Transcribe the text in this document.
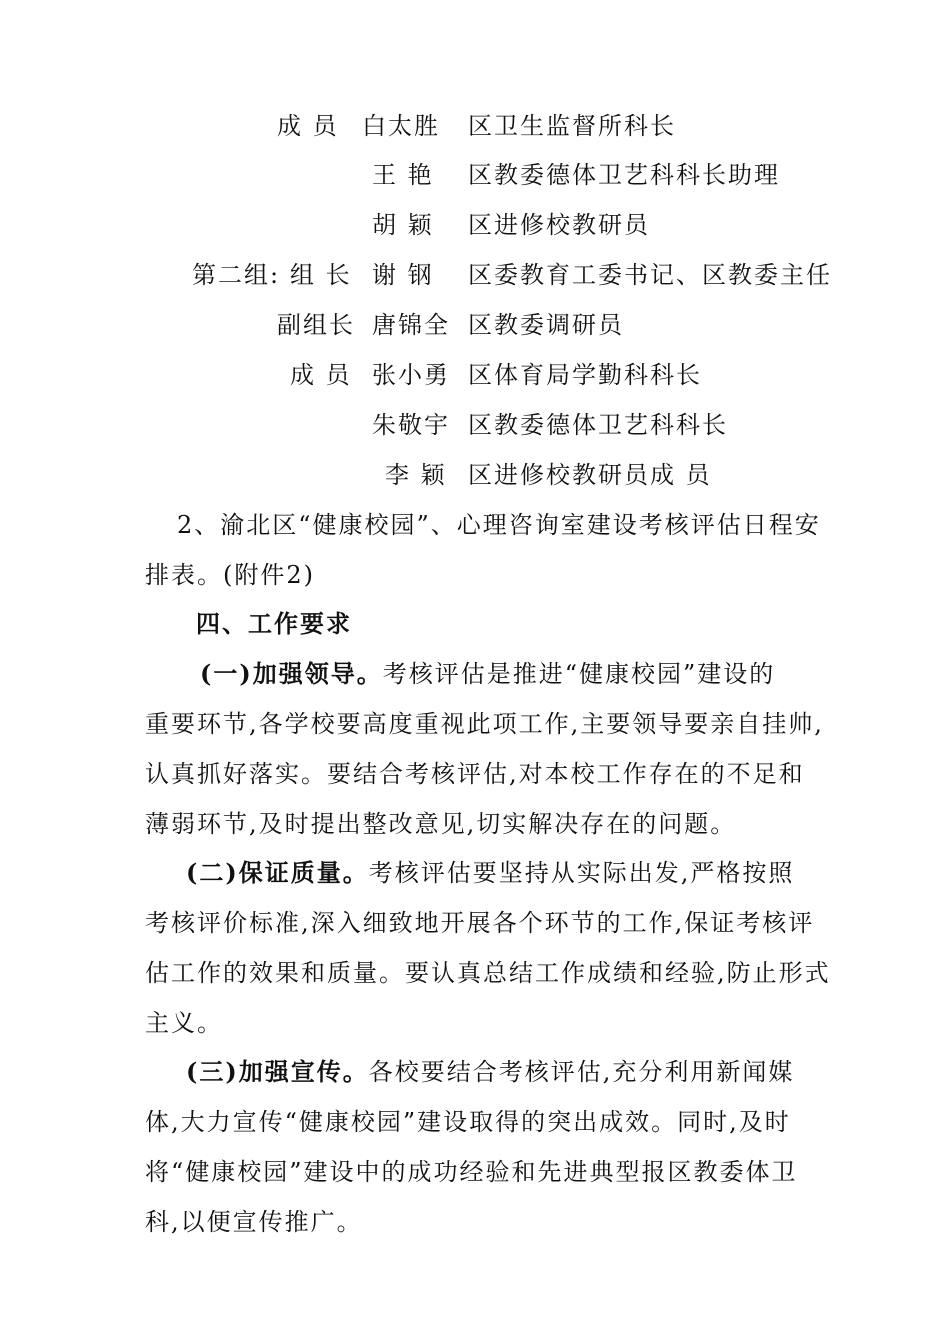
成 员 白太胜 区卫生监督所科长
王 艳 区教委德体卫艺科科长助理
胡 颖 区进修校教研员
第二组: 组 长 谢 钢 区委教育工委书记、区教委主任
副组长 唐锦全 区教委调研员
成 员 张小勇 区体育局学勤科科长
朱敬宇 区教委德体卫艺科科长
李 颖 区进修校教研员成 员
2、渝北区“健康校园”、心理咨询室建设考核评估日程安
排表。(附件2)
四、工作要求
(一)加强领导。考核评估是推进“健康校园”建设的
重要环节,各学校要高度重视此项工作,主要领导要亲自挂帅,
认真抓好落实。要结合考核评估,对本校工作存在的不足和
薄弱环节,及时提出整改意见,切实解决存在的问题。
(二)保证质量。考核评估要坚持从实际出发,严格按照
考核评价标准,深入细致地开展各个环节的工作,保证考核评
估工作的效果和质量。要认真总结工作成绩和经验,防止形式
主义。
(三)加强宣传。各校要结合考核评估,充分利用新闻媒
体,大力宣传“健康校园”建设取得的突出成效。同时,及时
将“健康校园”建设中的成功经验和先进典型报区教委体卫
科,以便宣传推广。
